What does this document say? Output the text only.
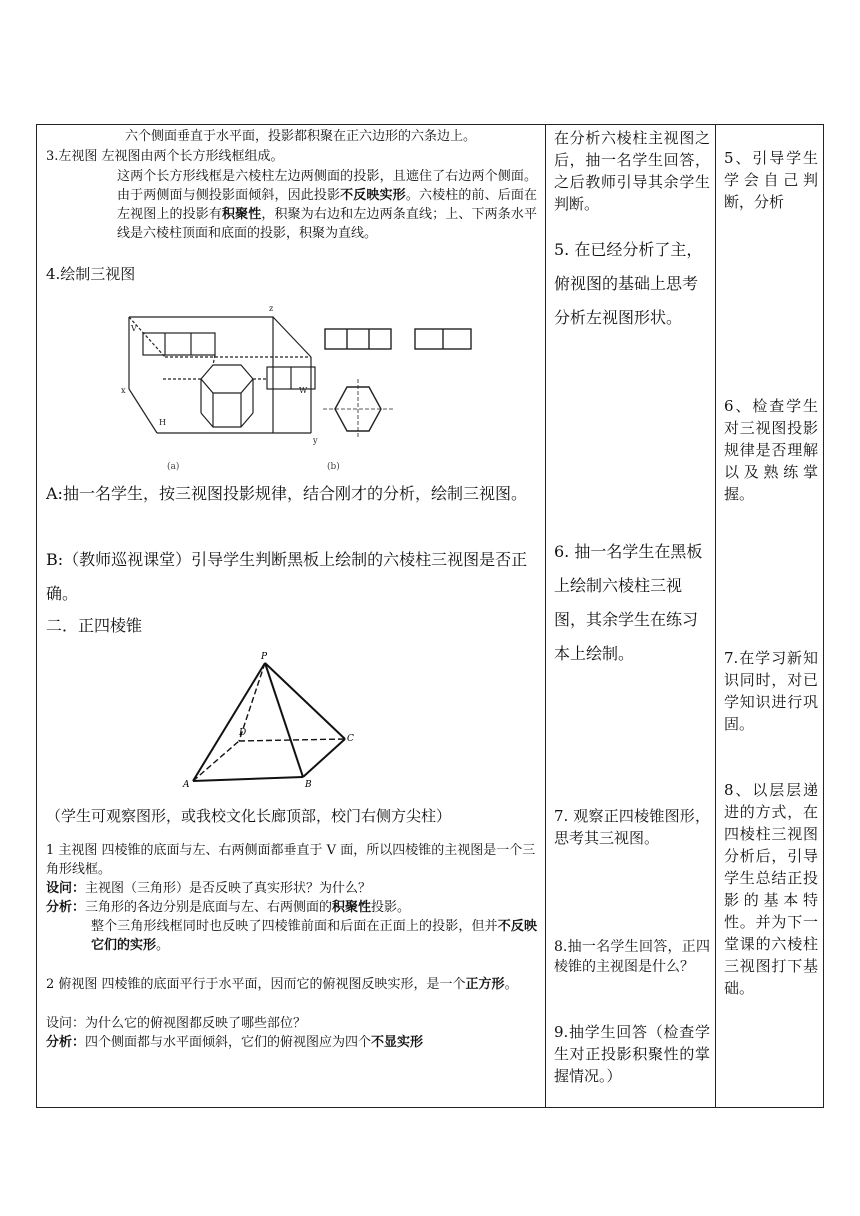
六个侧面垂直于水平面，投影都积聚在正六边形的六条边上。

3.左视图 左视图由两个长方形线框组成。

这两个长方形线框是六棱柱左边两侧面的投影，且遮住了右边两个侧面。由于两侧面与侧投影面倾斜，因此投影不反映实形。六棱柱的前、后面在左视图上的投影有积聚性，积聚为右边和左边两条直线；上、下两条水平线是六棱柱顶面和底面的投影，积聚为直线。

4.绘制三视图

(a)	(b)
V
z
x
y
W
H

A:抽一名学生，按三视图投影规律，结合刚才的分析，绘制三视图。

B:（教师巡视课堂）引导学生判断黑板上绘制的六棱柱三视图是否正确。

二．正四棱锥

P
D
C
A	B

（学生可观察图形，或我校文化长廊顶部，校门右侧方尖柱）

1 主视图 四棱锥的底面与左、右两侧面都垂直于 V 面，所以四棱锥的主视图是一个三角形线框。

设问：主视图（三角形）是否反映了真实形状？为什么？

分析：三角形的各边分别是底面与左、右两侧面的积聚性投影。

整个三角形线框同时也反映了四棱锥前面和后面在正面上的投影，但并不反映它们的实形。

2 俯视图 四棱锥的底面平行于水平面，因而它的俯视图反映实形，是一个正方形。

设问：为什么它的俯视图都反映了哪些部位？

分析：四个侧面都与水平面倾斜，它们的俯视图应为四个不显实形

在分析六棱柱主视图之后，抽一名学生回答，之后教师引导其余学生判断。

5. 在已经分析了主，俯视图的基础上思考分析左视图形状。

6. 抽一名学生在黑板上绘制六棱柱三视图，其余学生在练习本上绘制。

7. 观察正四棱锥图形，思考其三视图。

8.抽一名学生回答，正四棱锥的主视图是什么？

9.抽学生回答（检查学生对正投影积聚性的掌握情况。）

5、引导学生学会自己判断，分析

6、检查学生对三视图投影规律是否理解以及熟练掌握。

7.在学习新知识同时，对已学知识进行巩固。

8、以层层递进的方式，在四棱柱三视图分析后，引导学生总结正投影的基本特性。并为下一堂课的六棱柱三视图打下基础。
